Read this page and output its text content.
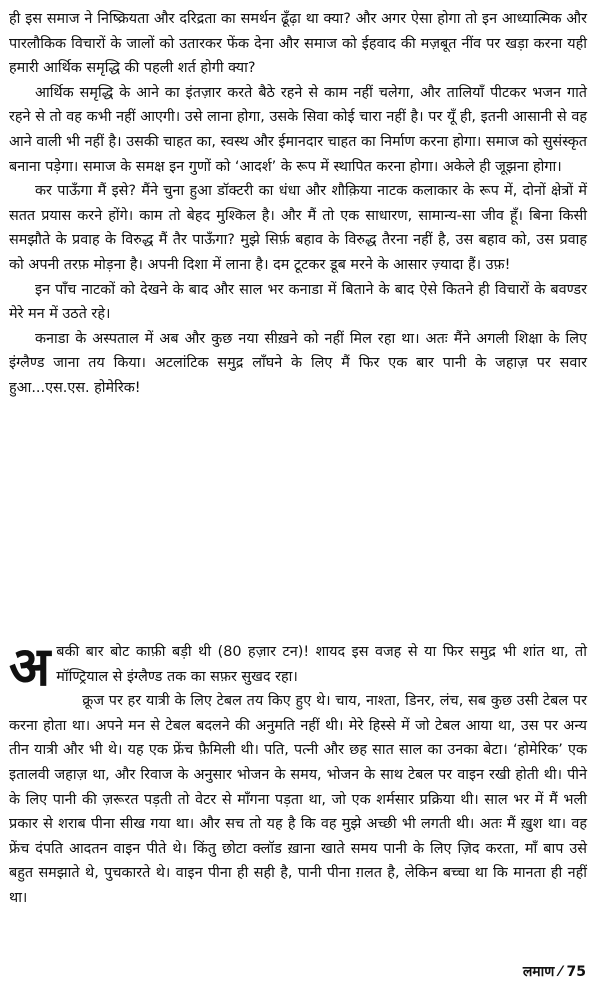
ही इस समाज ने निष्क्रियता और दरिद्रता का समर्थन ढूँढ़ा था क्या? और अगर ऐसा होगा तो इन आध्यात्मिक और पारलौकिक विचारों के जालों को उतारकर फेंक देना और समाज को ईहवाद की मज़बूत नींव पर खड़ा करना यही हमारी आर्थिक समृद्धि की पहली शर्त होगी क्या?

आर्थिक समृद्धि के आने का इंतज़ार करते बैठे रहने से काम नहीं चलेगा, और तालियाँ पीटकर भजन गाते रहने से तो वह कभी नहीं आएगी। उसे लाना होगा, उसके सिवा कोई चारा नहीं है। पर यूँ ही, इतनी आसानी से वह आने वाली भी नहीं है। उसकी चाहत का, स्वस्थ और ईमानदार चाहत का निर्माण करना होगा। समाज को सुसंस्कृत बनाना पड़ेगा। समाज के समक्ष इन गुणों को ‘आदर्श’ के रूप में स्थापित करना होगा। अकेले ही जूझना होगा।

कर पाऊँगा मैं इसे? मैंने चुना हुआ डॉक्टरी का धंधा और शौक़िया नाटक कलाकार के रूप में, दोनों क्षेत्रों में सतत प्रयास करने होंगे। काम तो बेहद मुश्किल है। और मैं तो एक साधारण, सामान्य-सा जीव हूँ। बिना किसी समझौते के प्रवाह के विरुद्ध मैं तैर पाऊँगा? मुझे सिर्फ़ बहाव के विरुद्ध तैरना नहीं है, उस बहाव को, उस प्रवाह को अपनी तरफ़ मोड़ना है। अपनी दिशा में लाना है। दम टूटकर डूब मरने के आसार ज़्यादा हैं। उफ़!

इन पाँच नाटकों को देखने के बाद और साल भर कनाडा में बिताने के बाद ऐसे कितने ही विचारों के बवण्डर मेरे मन में उठते रहे।

कनाडा के अस्पताल में अब और कुछ नया सीख़ने को नहीं मिल रहा था। अतः मैंने अगली शिक्षा के लिए इंग्लैण्ड जाना तय किया। अटलांटिक समुद्र लाँघने के लिए मैं फिर एक बार पानी के जहाज़ पर सवार हुआ...एस.एस. होमेरिक!

अबकी बार बोट काफ़ी बड़ी थी (80 हज़ार टन)! शायद इस वजह से या फिर समुद्र भी शांत था, तो मॉण्ट्रियाल से इंग्लैण्ड तक का सफ़र सुखद रहा।

क्रूज पर हर यात्री के लिए टेबल तय किए हुए थे। चाय, नाश्ता, डिनर, लंच, सब कुछ उसी टेबल पर करना होता था। अपने मन से टेबल बदलने की अनुमति नहीं थी। मेरे हिस्से में जो टेबल आया था, उस पर अन्य तीन यात्री और भी थे। यह एक फ्रेंच फ़ैमिली थी। पति, पत्नी और छह सात साल का उनका बेटा। ‘होमेरिक’ एक इतालवी जहाज़ था, और रिवाज के अनुसार भोजन के समय, भोजन के साथ टेबल पर वाइन रखी होती थी। पीने के लिए पानी की ज़रूरत पड़ती तो वेटर से माँगना पड़ता था, जो एक शर्मसार प्रक्रिया थी। साल भर में मैं भली प्रकार से शराब पीना सीख गया था। और सच तो यह है कि वह मुझे अच्छी भी लगती थी। अतः मैं ख़ुश था। वह फ्रेंच दंपति आदतन वाइन पीते थे। किंतु छोटा क्लॉड ख़ाना खाते समय पानी के लिए ज़िद करता, माँ बाप उसे बहुत समझाते थे, पुचकारते थे। वाइन पीना ही सही है, पानी पीना ग़लत है, लेकिन बच्चा था कि मानता ही नहीं था।

लमाण ⁄ 75
